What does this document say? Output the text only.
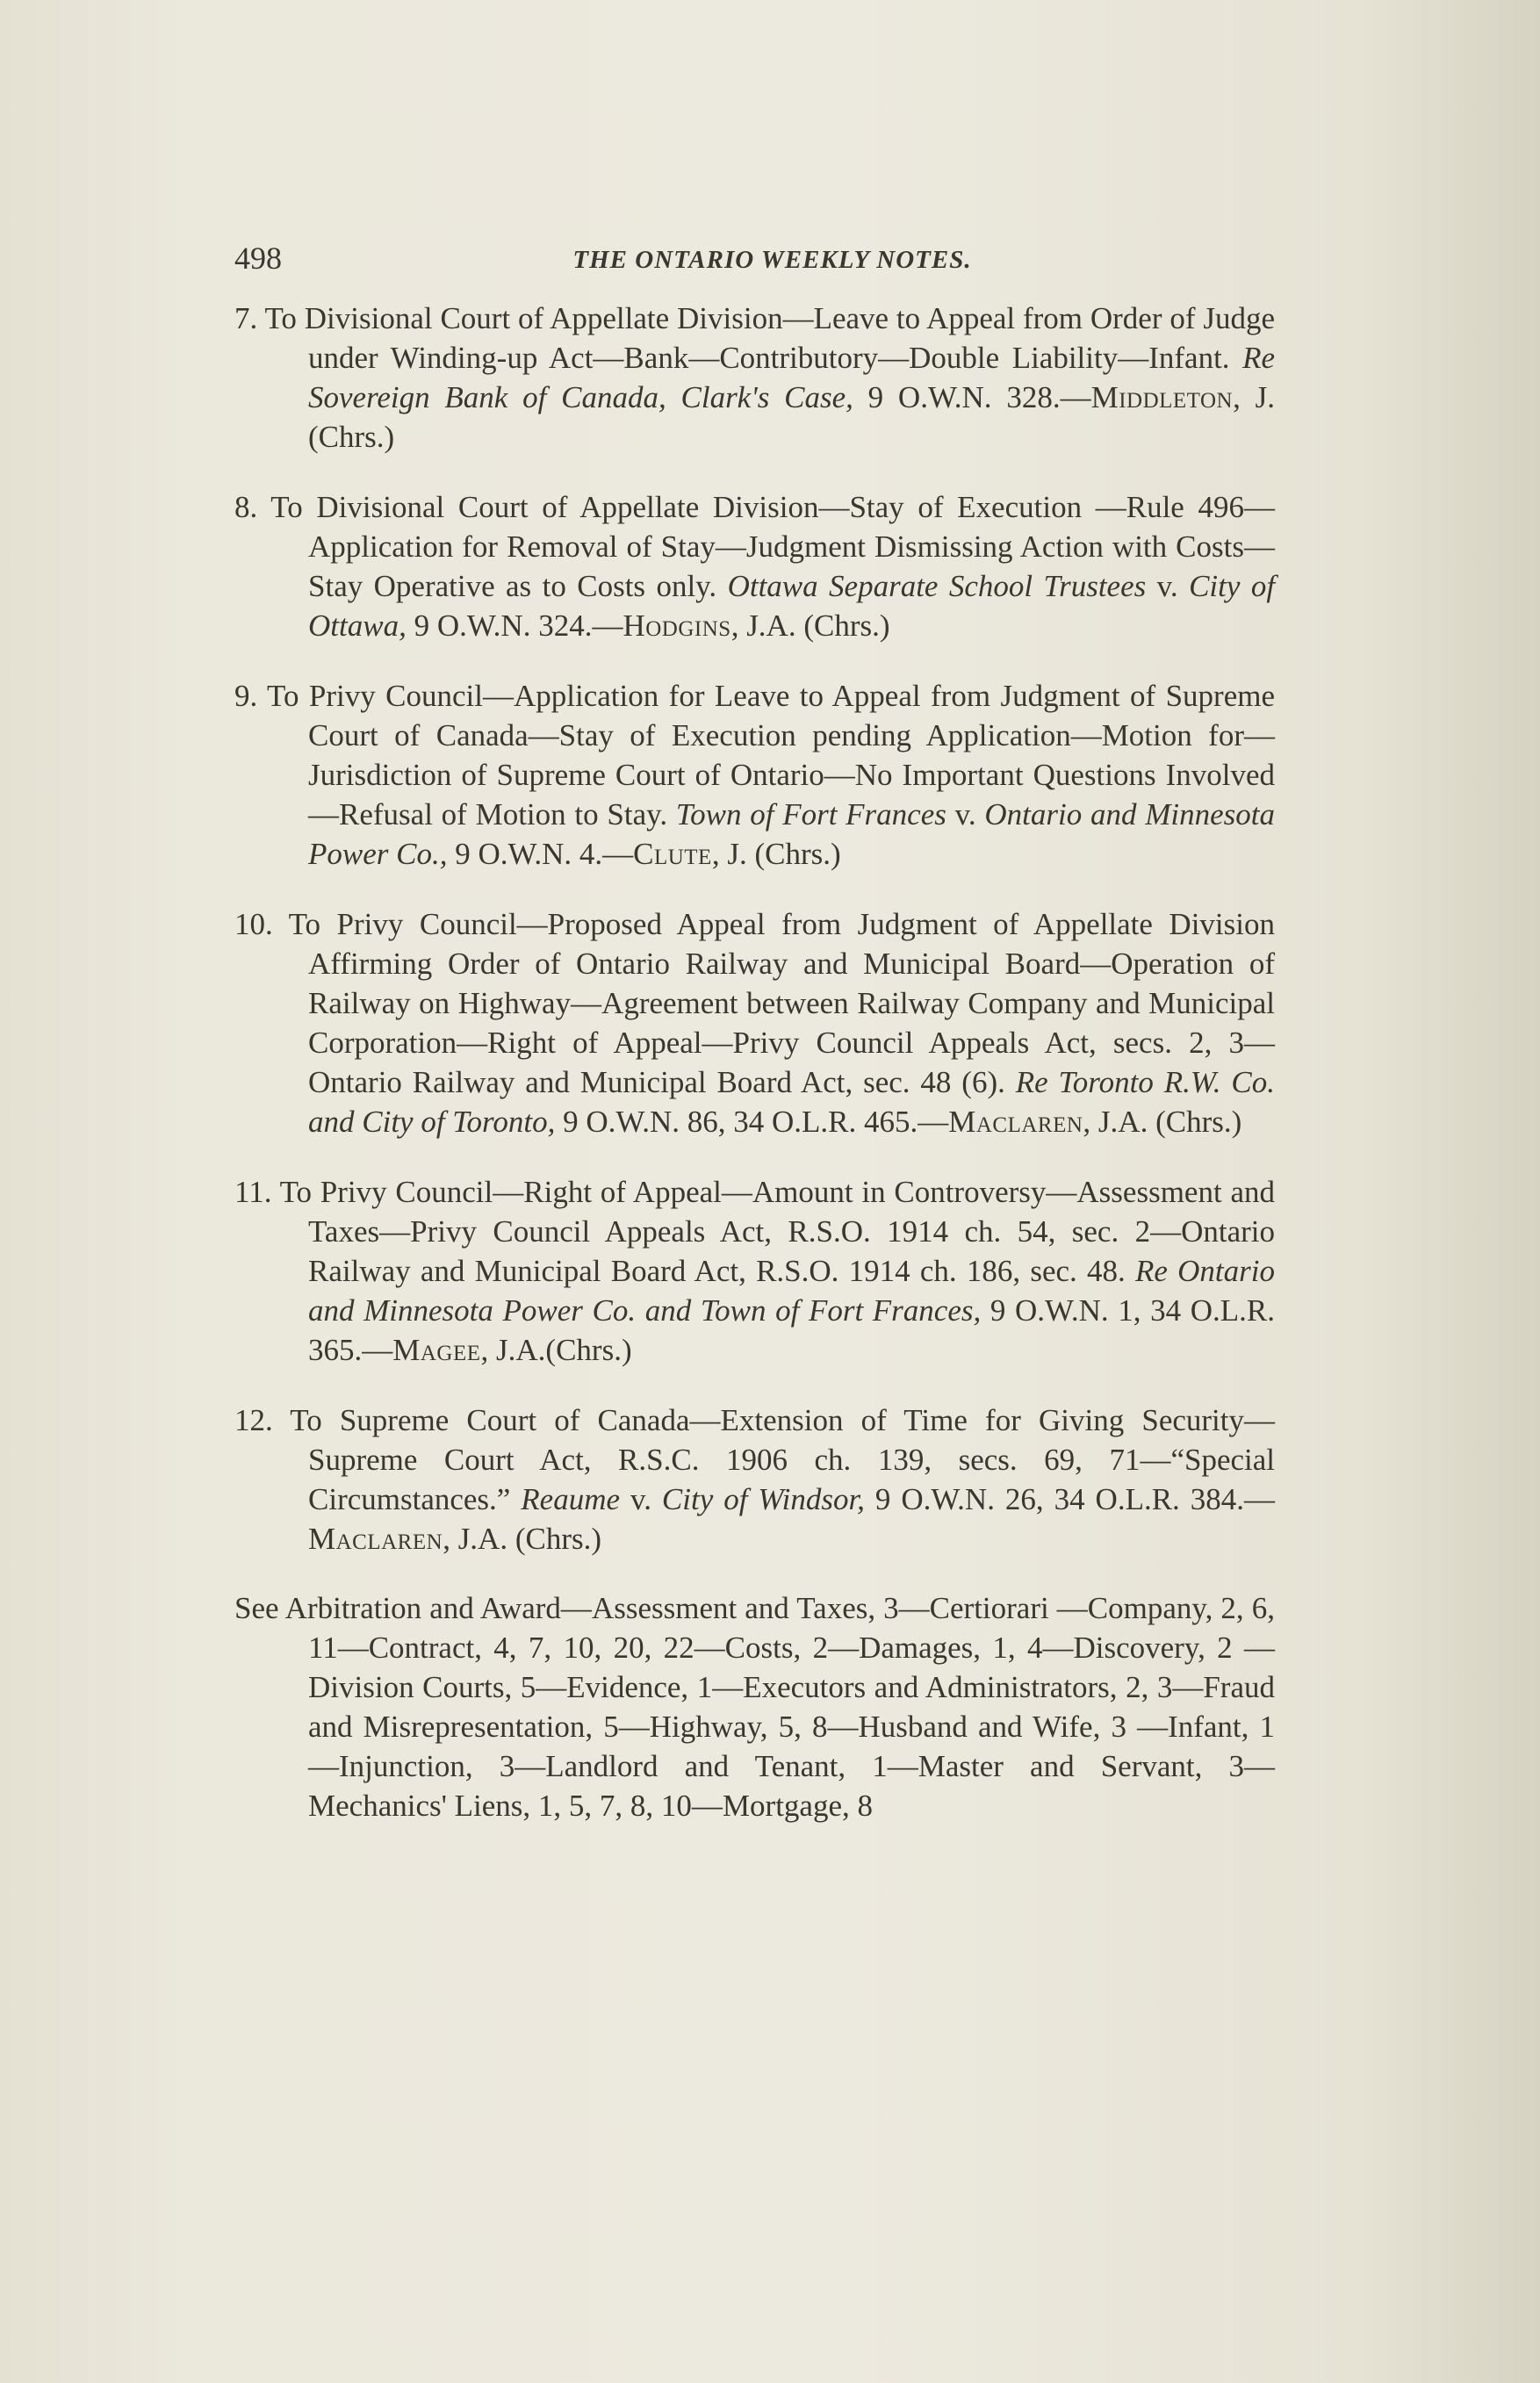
498	THE ONTARIO WEEKLY NOTES.

7. To Divisional Court of Appellate Division—Leave to Appeal from Order of Judge under Winding-up Act—Bank—Contributory—Double Liability—Infant. Re Sovereign Bank of Canada, Clark's Case, 9 O.W.N. 328.—Middleton, J. (Chrs.)

8. To Divisional Court of Appellate Division—Stay of Execution —Rule 496—Application for Removal of Stay—Judgment Dismissing Action with Costs—Stay Operative as to Costs only. Ottawa Separate School Trustees v. City of Ottawa, 9 O.W.N. 324.—Hodgins, J.A. (Chrs.)

9. To Privy Council—Application for Leave to Appeal from Judgment of Supreme Court of Canada—Stay of Execution pending Application—Motion for—Jurisdiction of Supreme Court of Ontario—No Important Questions Involved—Refusal of Motion to Stay. Town of Fort Frances v. Ontario and Minnesota Power Co., 9 O.W.N. 4.—Clute, J. (Chrs.)

10. To Privy Council—Proposed Appeal from Judgment of Appellate Division Affirming Order of Ontario Railway and Municipal Board—Operation of Railway on Highway—Agreement between Railway Company and Municipal Corporation—Right of Appeal—Privy Council Appeals Act, secs. 2, 3—Ontario Railway and Municipal Board Act, sec. 48 (6). Re Toronto R.W. Co. and City of Toronto, 9 O.W.N. 86, 34 O.L.R. 465.—Maclaren, J.A. (Chrs.)

11. To Privy Council—Right of Appeal—Amount in Controversy—Assessment and Taxes—Privy Council Appeals Act, R.S.O. 1914 ch. 54, sec. 2—Ontario Railway and Municipal Board Act, R.S.O. 1914 ch. 186, sec. 48. Re Ontario and Minnesota Power Co. and Town of Fort Frances, 9 O.W.N. 1, 34 O.L.R. 365.—Magee, J.A.(Chrs.)

12. To Supreme Court of Canada—Extension of Time for Giving Security—Supreme Court Act, R.S.C. 1906 ch. 139, secs. 69, 71—“Special Circumstances.” Reaume v. City of Windsor, 9 O.W.N. 26, 34 O.L.R. 384.—Maclaren, J.A. (Chrs.)

See Arbitration and Award—Assessment and Taxes, 3—Certiorari —Company, 2, 6, 11—Contract, 4, 7, 10, 20, 22—Costs, 2—Damages, 1, 4—Discovery, 2 — Division Courts, 5—Evidence, 1—Executors and Administrators, 2, 3—Fraud and Misrepresentation, 5—Highway, 5, 8—Husband and Wife, 3 —Infant, 1—Injunction, 3—Landlord and Tenant, 1—Master and Servant, 3—Mechanics' Liens, 1, 5, 7, 8, 10—Mortgage, 8
